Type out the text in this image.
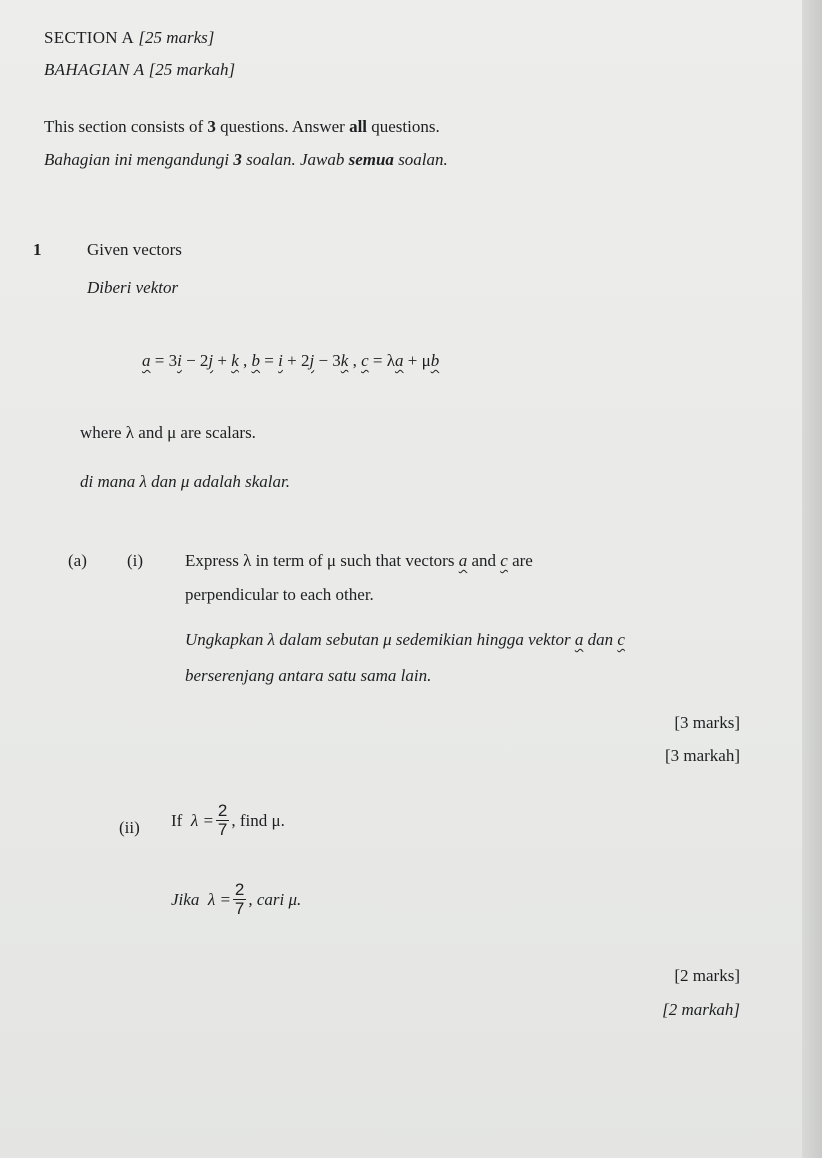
SECTION A [25 marks]
BAHAGIAN A [25 markah]
This section consists of 3 questions. Answer all questions.
Bahagian ini mengandungi 3 soalan. Jawab semua soalan.
1	Given vectors
Diberi vektor
a = 3i − 2j + k , b = i + 2j − 3k , c = λa + μb
where λ and μ are scalars.
di mana λ dan μ adalah skalar.
(a) (i) Express λ in term of μ such that vectors a and c are
perpendicular to each other.
Ungkapkan λ dalam sebutan μ sedemikian hingga vektor a dan c
berserenjang antara satu sama lain.
[3 marks]
[3 markah]
(ii) If
$\lambda = \frac{2}{7}$ , find μ.
Jika
$\lambda = \frac{2}{7}$ , cari μ.
[2 marks]
[2 markah]
